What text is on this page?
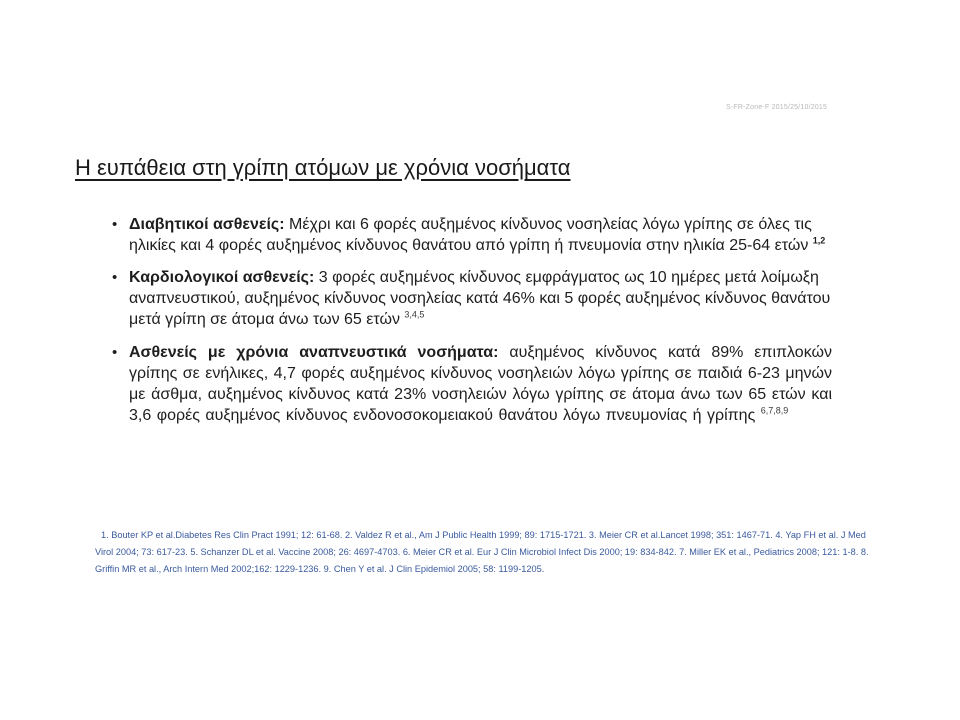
S-FR-Zone-F 2015/25/10/2015
Η ευπάθεια στη γρίπη ατόμων με χρόνια νοσήματα
• Διαβητικοί ασθενείς: Μέχρι και 6 φορές αυξημένος κίνδυνος νοσηλείας λόγω γρίπης σε όλες τις ηλικίες και 4 φορές αυξημένος κίνδυνος θανάτου από γρίπη ή πνευμονία στην ηλικία 25-64 ετών $^{1,2}$
• Καρδιολογικοί ασθενείς: 3 φορές αυξημένος κίνδυνος εμφράγματος ως 10 ημέρες μετά λοίμωξη αναπνευστικού, αυξημένος κίνδυνος νοσηλείας κατά 46% και 5 φορές αυξημένος κίνδυνος θανάτου μετά γρίπη σε άτομα άνω των 65 ετών $^{3,4,5}$
• Ασθενείς με χρόνια αναπνευστικά νοσήματα: αυξημένος κίνδυνος κατά 89% επιπλοκών γρίπης σε ενήλικες, 4,7 φορές αυξημένος κίνδυνος νοσηλειών λόγω γρίπης σε παιδιά 6-23 μηνών με άσθμα, αυξημένος κίνδυνος κατά 23% νοσηλειών λόγω γρίπης σε άτομα άνω των 65 ετών και 3,6 φορές αυξημένος κίνδυνος ενδονοσοκομειακού θανάτου λόγω πνευμονίας ή γρίπης $^{6,7,8,9}$

1. Bouter KP et al.Diabetes Res Clin Pract 1991; 12: 61-68. 2. Valdez R et al., Am J Public Health 1999; 89: 1715-1721. 3. Meier CR et al.Lancet 1998; 351: 1467-71. 4. Yap FH et al. J Med Virol 2004; 73: 617-23. 5. Schanzer DL et al. Vaccine 2008; 26: 4697-4703. 6. Meier CR et al. Eur J Clin Microbiol Infect Dis 2000; 19: 834-842. 7. Miller EK et al., Pediatrics 2008; 121: 1-8. 8. Griffin MR et al., Arch Intern Med 2002;162: 1229-1236. 9. Chen Y et al. J Clin Epidemiol 2005; 58: 1199-1205.
